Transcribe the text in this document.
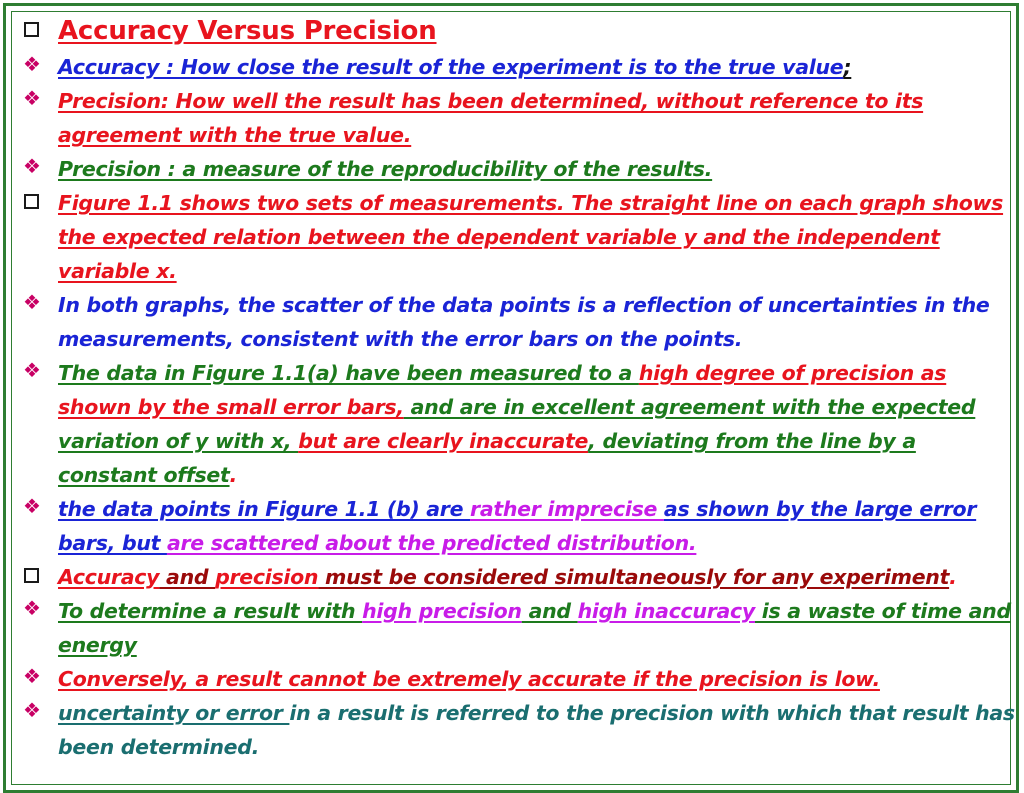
Accuracy Versus Precision
❖ Accuracy : How close the result of the experiment is to the true value;
❖ Precision: How well the result has been determined, without reference to its agreement with the true value.
❖ Precision : a measure of the reproducibility of the results.
Figure 1.1 shows two sets of measurements. The straight line on each graph shows the expected relation between the dependent variable y and the independent variable x.
❖ In both graphs, the scatter of the data points is a reflection of uncertainties in the measurements, consistent with the error bars on the points.
❖ The data in Figure 1.1(a) have been measured to a high degree of precision as shown by the small error bars, and are in excellent agreement with the expected variation of y with x, but are clearly inaccurate, deviating from the line by a constant offset.
❖ the data points in Figure 1.1 (b) are rather imprecise as shown by the large error bars, but are scattered about the predicted distribution.
Accuracy and precision must be considered simultaneously for any experiment.
❖ To determine a result with high precision and high inaccuracy is a waste of time and energy
❖ Conversely, a result cannot be extremely accurate if the precision is low.
❖ uncertainty or error in a result is referred to the precision with which that result has been determined.
